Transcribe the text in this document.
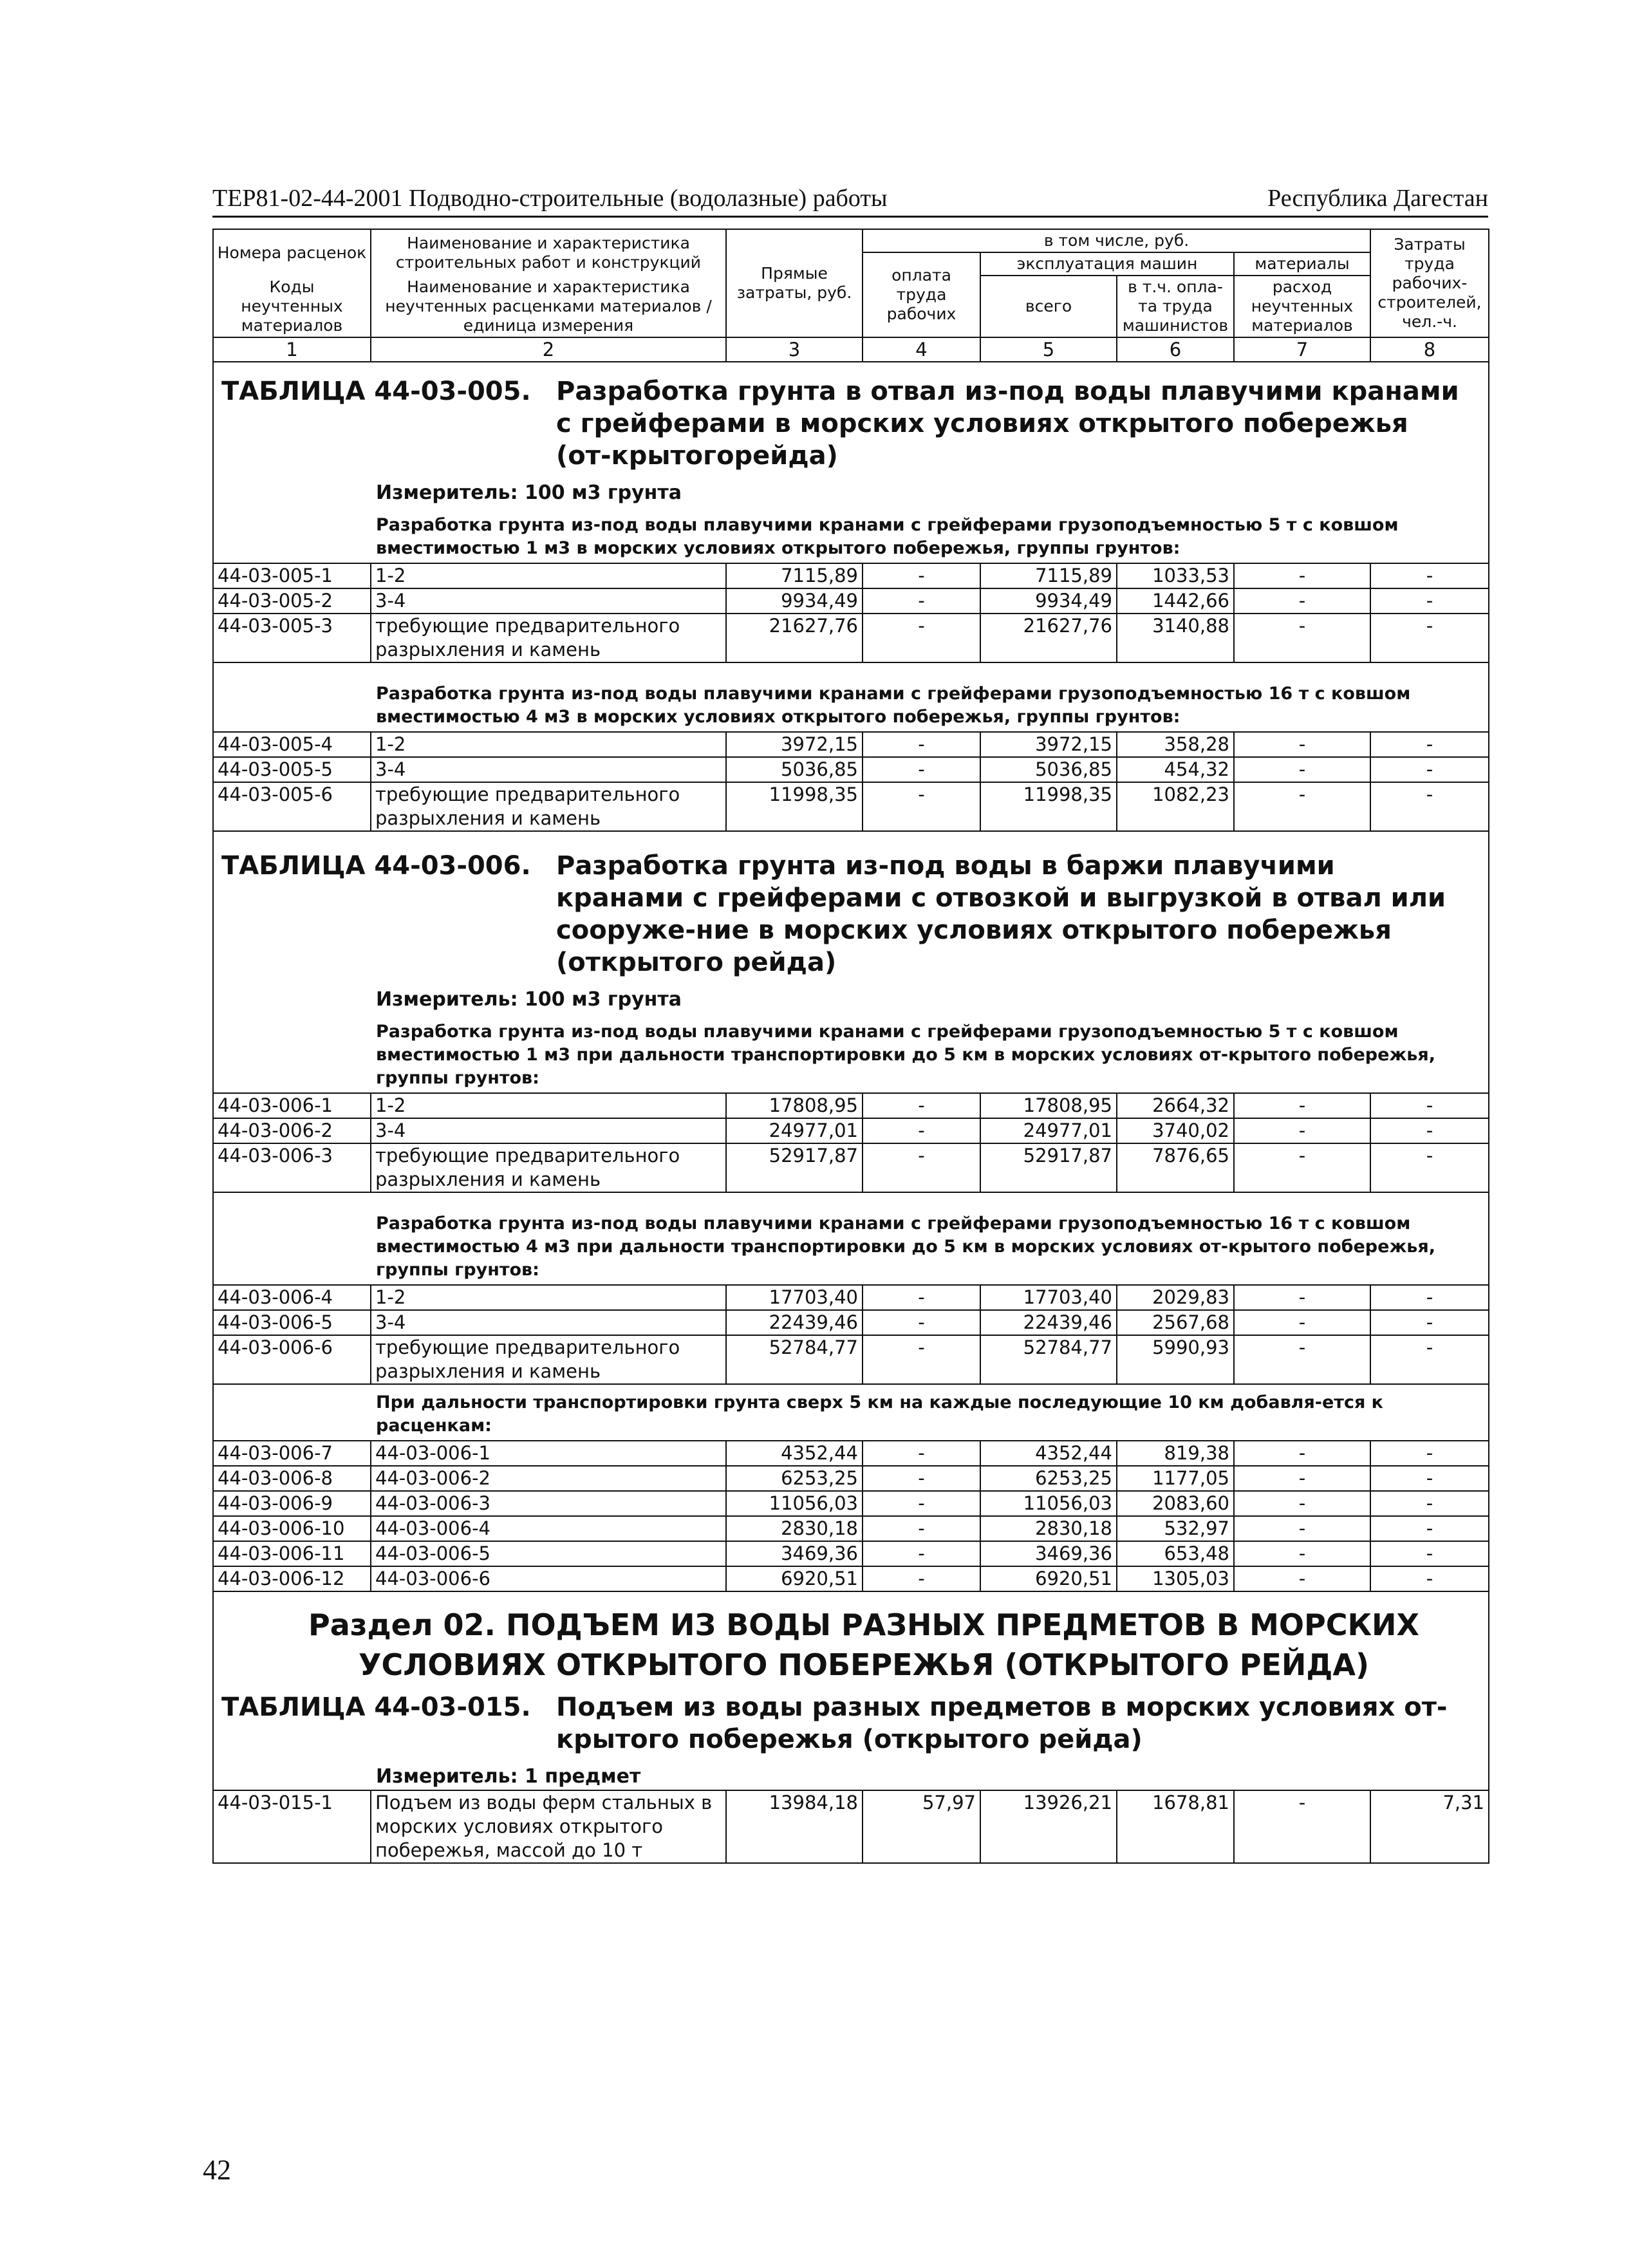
ТЕР81-02-44-2001 Подводно-строительные (водолазные) работы	Республика Дагестан
Номера расценок	Наименование и характеристика строительных работ и конструкций	Прямые затраты, руб.	в том числе, руб.				Затраты труда рабочих-строителей,
чел.-ч.
			оплата труда рабочих	эксплуатация машин		материалы	
Коды неучтенных материалов	Наименование и характеристика неучтенных расценками материалов / единица измерения			всего	в т.ч. опла-та труда машинистов	расход неучтенных материалов	

1	2	3	4	5	6	7	8

ТАБЛИЦА 44-03-005. Разработка грунта в отвал из-под воды плавучими кранами с грейферами в морских условиях открытого побережья (от-крытогорейда)
Измеритель: 100 м3 грунта
Разработка грунта из-под воды плавучими кранами с грейферами грузоподъемностью 5 т с ковшом вместимостью 1 м3 в морских условиях открытого побережья, группы грунтов:							

44-03-005-1	1-2	7115,89	-	7115,89	1033,53	-	-
44-03-005-2	3-4	9934,49	-	9934,49	1442,66	-	-
44-03-005-3	требующие предварительного разрыхления и камень	21627,76	-	21627,76	3140,88	-	-

Разработка грунта из-под воды плавучими кранами с грейферами грузоподъемностью 16 т с ковшом вместимостью 4 м3 в морских условиях открытого побережья, группы грунтов:							

44-03-005-4	1-2	3972,15	-	3972,15	358,28	-	-
44-03-005-5	3-4	5036,85	-	5036,85	454,32	-	-
44-03-005-6	требующие предварительного разрыхления и камень	11998,35	-	11998,35	1082,23	-	-

ТАБЛИЦА 44-03-006. Разработка грунта из-под воды в баржи плавучими кранами с грейферами с отвозкой и выгрузкой в отвал или сооруже-ние в морских условиях открытого побережья (открытого рейда)
Измеритель: 100 м3 грунта
Разработка грунта из-под воды плавучими кранами с грейферами грузоподъемностью 5 т с ковшом вместимостью 1 м3 при дальности транспортировки до 5 км в морских условиях от-крытого побережья, группы грунтов:							

44-03-006-1	1-2	17808,95	-	17808,95	2664,32	-	-
44-03-006-2	3-4	24977,01	-	24977,01	3740,02	-	-
44-03-006-3	требующие предварительного разрыхления и камень	52917,87	-	52917,87	7876,65	-	-

Разработка грунта из-под воды плавучими кранами с грейферами грузоподъемностью 16 т с ковшом вместимостью 4 м3 при дальности транспортировки до 5 км в морских условиях от-крытого побережья, группы грунтов:							

44-03-006-4	1-2	17703,40	-	17703,40	2029,83	-	-
44-03-006-5	3-4	22439,46	-	22439,46	2567,68	-	-
44-03-006-6	требующие предварительного разрыхления и камень	52784,77	-	52784,77	5990,93	-	-

При дальности транспортировки грунта сверх 5 км на каждые последующие 10 км добавля-ется к расценкам:							

44-03-006-7	44-03-006-1	4352,44	-	4352,44	819,38	-	-
44-03-006-8	44-03-006-2	6253,25	-	6253,25	1177,05	-	-
44-03-006-9	44-03-006-3	11056,03	-	11056,03	2083,60	-	-
44-03-006-10	44-03-006-4	2830,18	-	2830,18	532,97	-	-
44-03-006-11	44-03-006-5	3469,36	-	3469,36	653,48	-	-
44-03-006-12	44-03-006-6	6920,51	-	6920,51	1305,03	-	-

Раздел 02. ПОДЪЕМ ИЗ ВОДЫ РАЗНЫХ ПРЕДМЕТОВ В МОРСКИХ УСЛОВИЯХ ОТКРЫТОГО ПОБЕРЕЖЬЯ (ОТКРЫТОГО РЕЙДА)
ТАБЛИЦА 44-03-015. Подъем из воды разных предметов в морских условиях от-крытого побережья (открытого рейда)
Измеритель: 1 предмет							

44-03-015-1	Подъем из воды ферм стальных в морских условиях открытого побережья, массой до 10 т	13984,18	57,97	13926,21	1678,81	-	7,31
42
